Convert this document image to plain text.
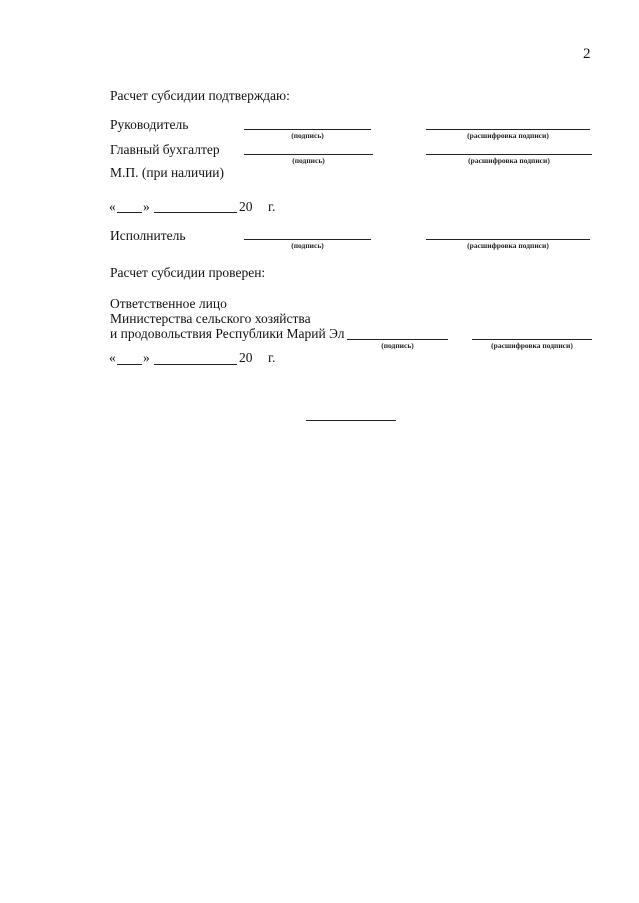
2
Расчет субсидии подтверждаю:
Руководитель
(подпись)	(расшифровка подписи)
Главный бухгалтер
(подпись)	(расшифровка подписи)
М.П. (при наличии)
« »	20 г.
Исполнитель
(подпись)	(расшифровка подписи)
Расчет субсидии проверен:
Ответственное лицо
Министерства сельского хозяйства
и продовольствия Республики Марий Эл
(подпись)	(расшифровка подписи)
« »	20 г.
